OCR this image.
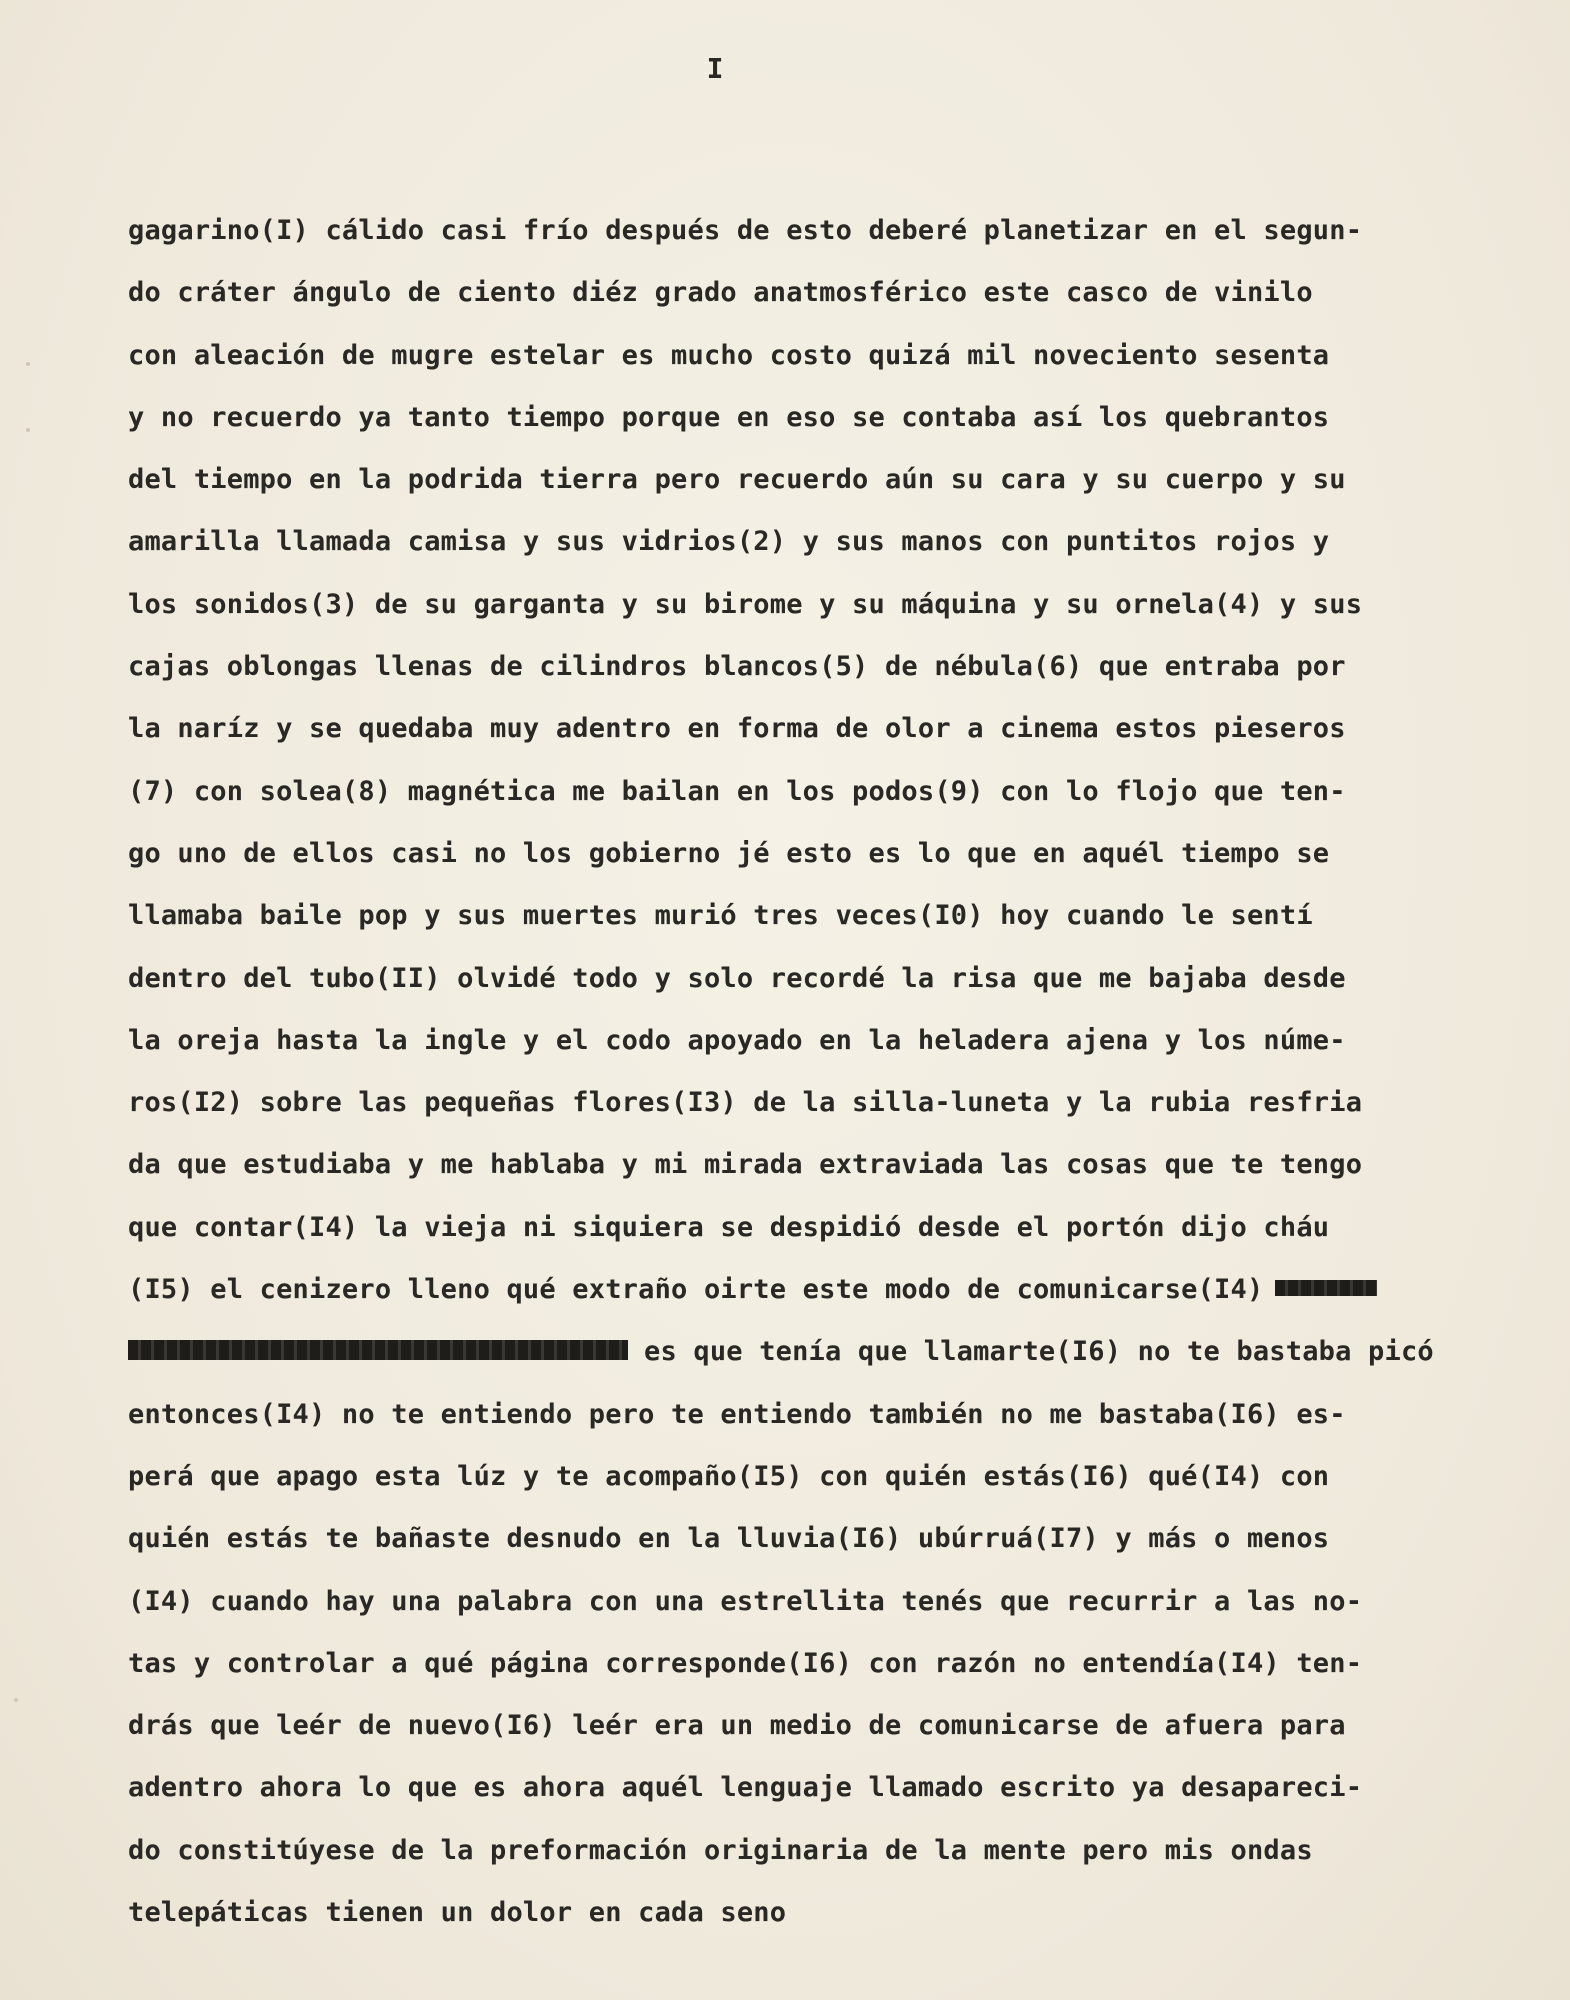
I
gagarino(I) cálido casi frío después de esto deberé planetizar en el segun-
do cráter ángulo de ciento diéz grado anatmosférico este casco de vinilo
con aleación de mugre estelar es mucho costo quizá mil noveciento sesenta
y no recuerdo ya tanto tiempo porque en eso se contaba así los quebrantos
del tiempo en la podrida tierra pero recuerdo aún su cara y su cuerpo y su
amarilla llamada camisa y sus vidrios(2) y sus manos con puntitos rojos y
los sonidos(3) de su garganta y su birome y su máquina y su ornela(4) y sus
cajas oblongas llenas de cilindros blancos(5) de nébula(6) que entraba por
la naríz y se quedaba muy adentro en forma de olor a cinema estos pieseros
(7) con solea(8) magnética me bailan en los podos(9) con lo flojo que ten-
go uno de ellos casi no los gobierno jé esto es lo que en aquél tiempo se
llamaba baile pop y sus muertes murió tres veces(I0) hoy cuando le sentí
dentro del tubo(II) olvidé todo y solo recordé la risa que me bajaba desde
la oreja hasta la ingle y el codo apoyado en la heladera ajena y los núme-
ros(I2) sobre las pequeñas flores(I3) de la silla-luneta y la rubia resfria
da que estudiaba y me hablaba y mi mirada extraviada las cosas que te tengo
que contar(I4) la vieja ni siquiera se despidió desde el portón dijo cháu
(I5) el cenizero lleno qué extraño oirte este modo de comunicarse(I4)
es que tenía que llamarte(I6) no te bastaba picó
entonces(I4) no te entiendo pero te entiendo también no me bastaba(I6) es-
perá que apago esta lúz y te acompaño(I5) con quién estás(I6) qué(I4) con
quién estás te bañaste desnudo en la lluvia(I6) ubúrruá(I7) y más o menos
(I4) cuando hay una palabra con una estrellita tenés que recurrir a las no-
tas y controlar a qué página corresponde(I6) con razón no entendía(I4) ten-
drás que leér de nuevo(I6) leér era un medio de comunicarse de afuera para
adentro ahora lo que es ahora aquél lenguaje llamado escrito ya desapareci-
do constitúyese de la preformación originaria de la mente pero mis ondas
telepáticas tienen un dolor en cada seno
